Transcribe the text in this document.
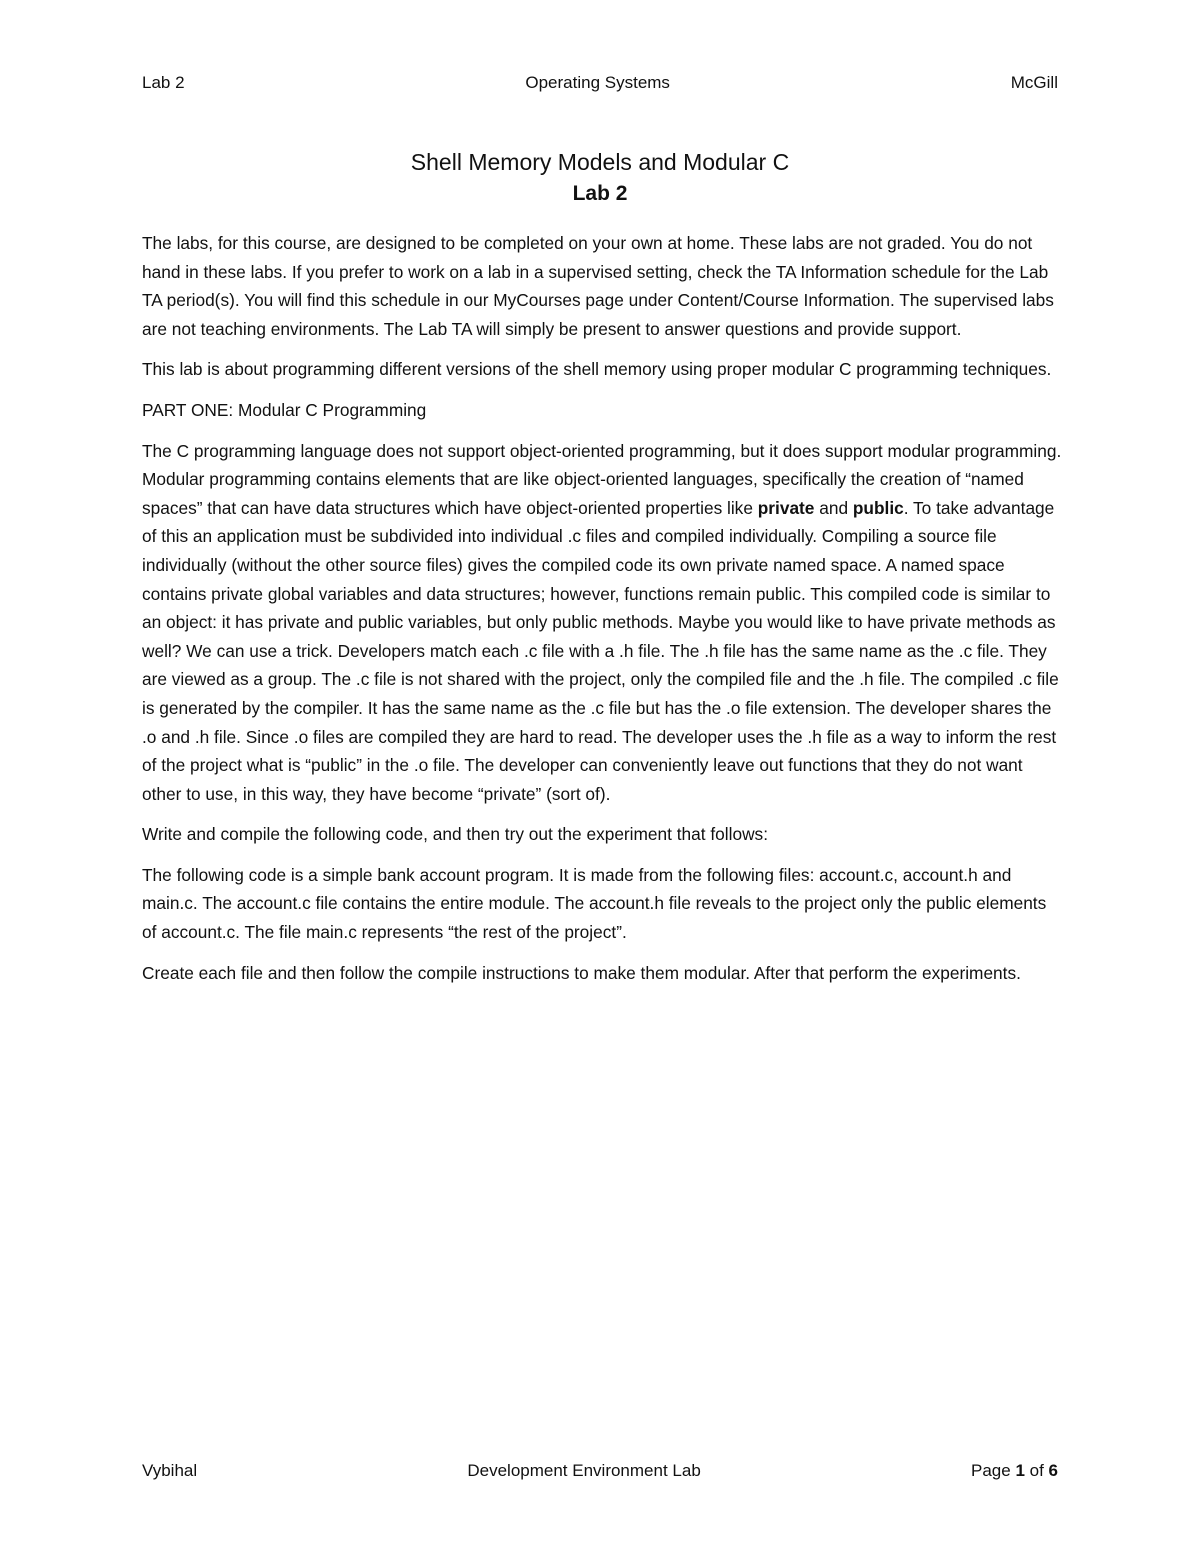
Lab 2	Operating Systems	McGill
Shell Memory Models and Modular C
Lab 2

The labs, for this course, are designed to be completed on your own at home. These labs are not graded. You do not hand in these labs. If you prefer to work on a lab in a supervised setting, check the TA Information schedule for the Lab TA period(s). You will find this schedule in our MyCourses page under Content/Course Information. The supervised labs are not teaching environments. The Lab TA will simply be present to answer questions and provide support.

This lab is about programming different versions of the shell memory using proper modular C programming techniques.

PART ONE: Modular C Programming

The C programming language does not support object-oriented programming, but it does support modular programming. Modular programming contains elements that are like object-oriented languages, specifically the creation of “named spaces” that can have data structures which have object-oriented properties like private and public. To take advantage of this an application must be subdivided into individual .c files and compiled individually. Compiling a source file individually (without the other source files) gives the compiled code its own private named space. A named space contains private global variables and data structures; however, functions remain public. This compiled code is similar to an object: it has private and public variables, but only public methods. Maybe you would like to have private methods as well? We can use a trick. Developers match each .c file with a .h file. The .h file has the same name as the .c file. They are viewed as a group. The .c file is not shared with the project, only the compiled file and the .h file. The compiled .c file is generated by the compiler. It has the same name as the .c file but has the .o file extension. The developer shares the .o and .h file. Since .o files are compiled they are hard to read. The developer uses the .h file as a way to inform the rest of the project what is “public” in the .o file. The developer can conveniently leave out functions that they do not want other to use, in this way, they have become “private” (sort of).

Write and compile the following code, and then try out the experiment that follows:

The following code is a simple bank account program. It is made from the following files: account.c, account.h and main.c. The account.c file contains the entire module. The account.h file reveals to the project only the public elements of account.c. The file main.c represents “the rest of the project”.

Create each file and then follow the compile instructions to make them modular. After that perform the experiments.

Vybihal	Development Environment Lab	Page 1 of 6
